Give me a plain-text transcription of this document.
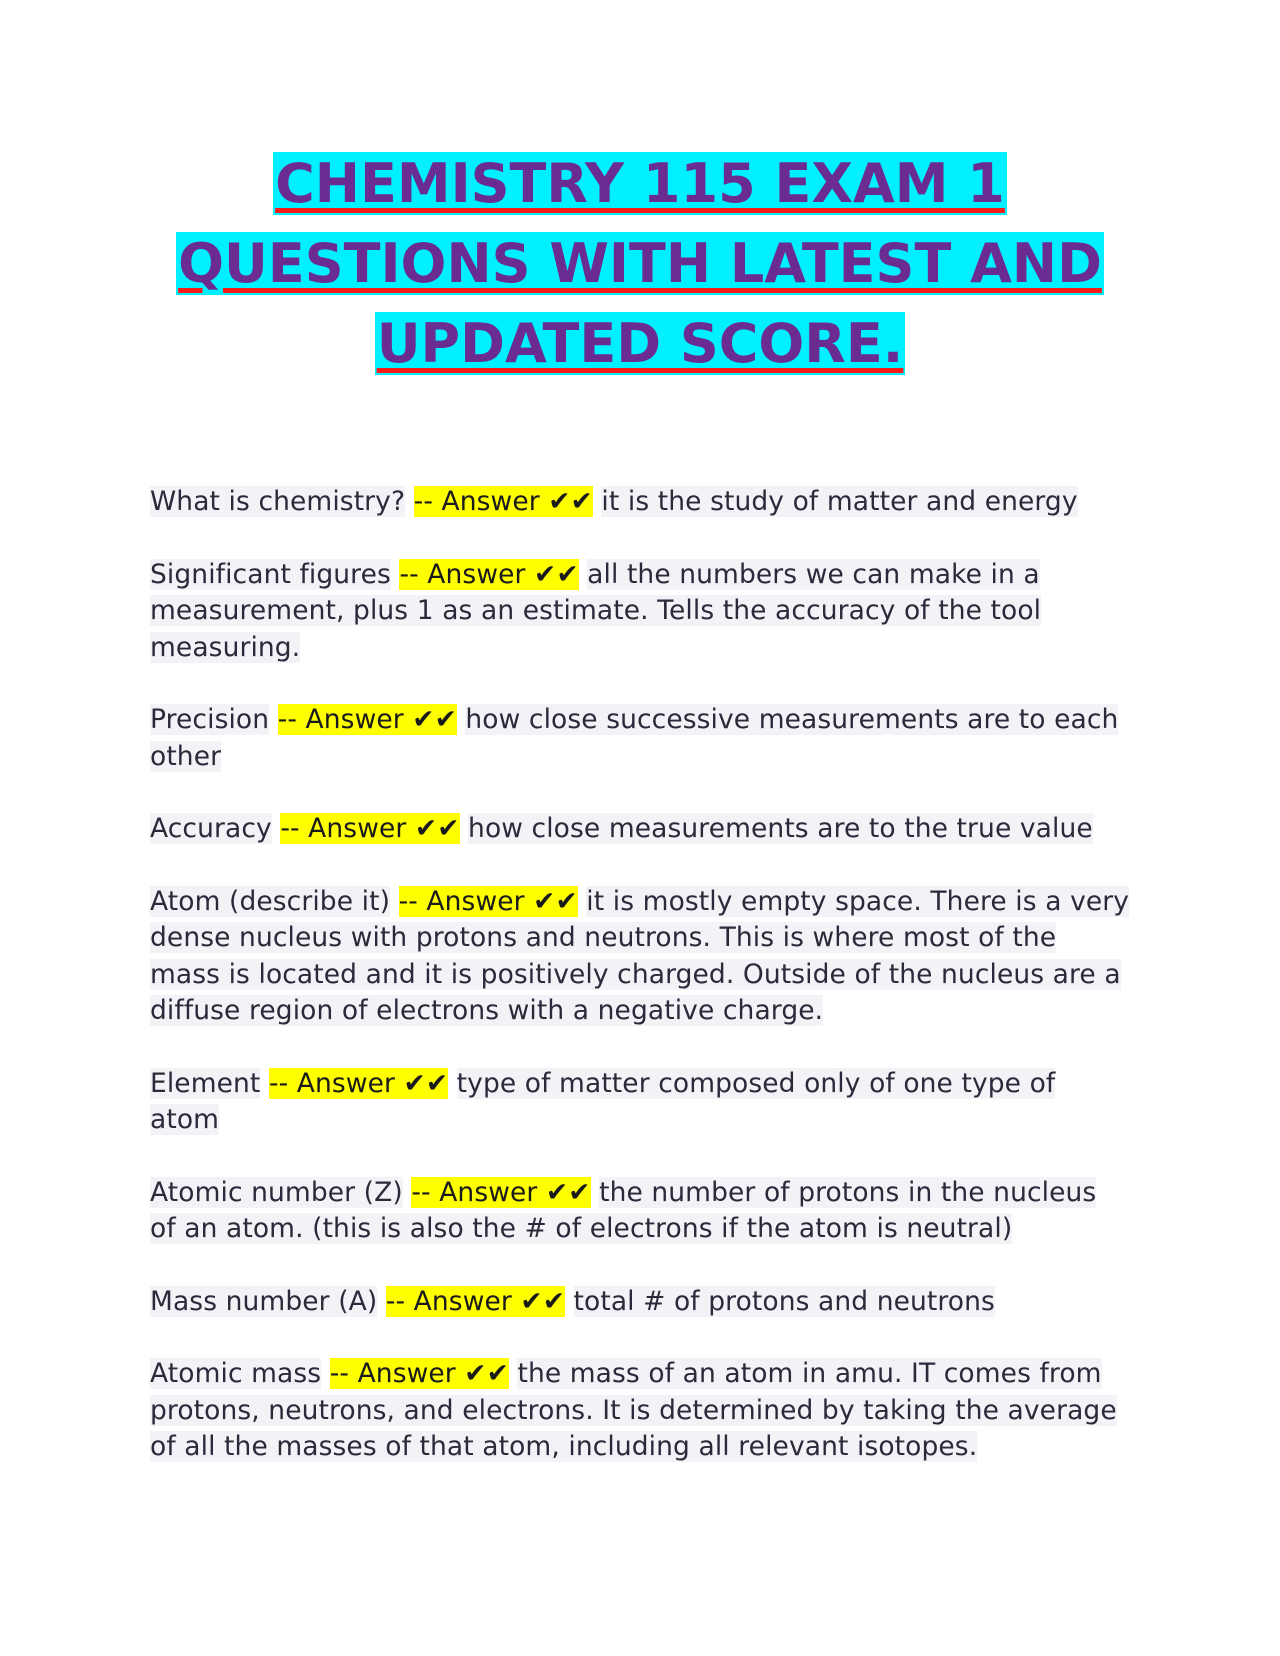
CHEMISTRY 115 EXAM 1
QUESTIONS WITH LATEST AND
UPDATED SCORE.
What is chemistry? -- Answer ✔✔ it is the study of matter and energy
Significant figures -- Answer ✔✔ all the numbers we can make in a measurement, plus 1 as an estimate. Tells the accuracy of the tool measuring.
Precision -- Answer ✔✔ how close successive measurements are to each other
Accuracy -- Answer ✔✔ how close measurements are to the true value
Atom (describe it) -- Answer ✔✔ it is mostly empty space. There is a very dense nucleus with protons and neutrons. This is where most of the mass is located and it is positively charged. Outside of the nucleus are a diffuse region of electrons with a negative charge.
Element -- Answer ✔✔ type of matter composed only of one type of atom
Atomic number (Z) -- Answer ✔✔ the number of protons in the nucleus of an atom. (this is also the # of electrons if the atom is neutral)
Mass number (A) -- Answer ✔✔ total # of protons and neutrons
Atomic mass -- Answer ✔✔ the mass of an atom in amu. IT comes from protons, neutrons, and electrons. It is determined by taking the average of all the masses of that atom, including all relevant isotopes.
